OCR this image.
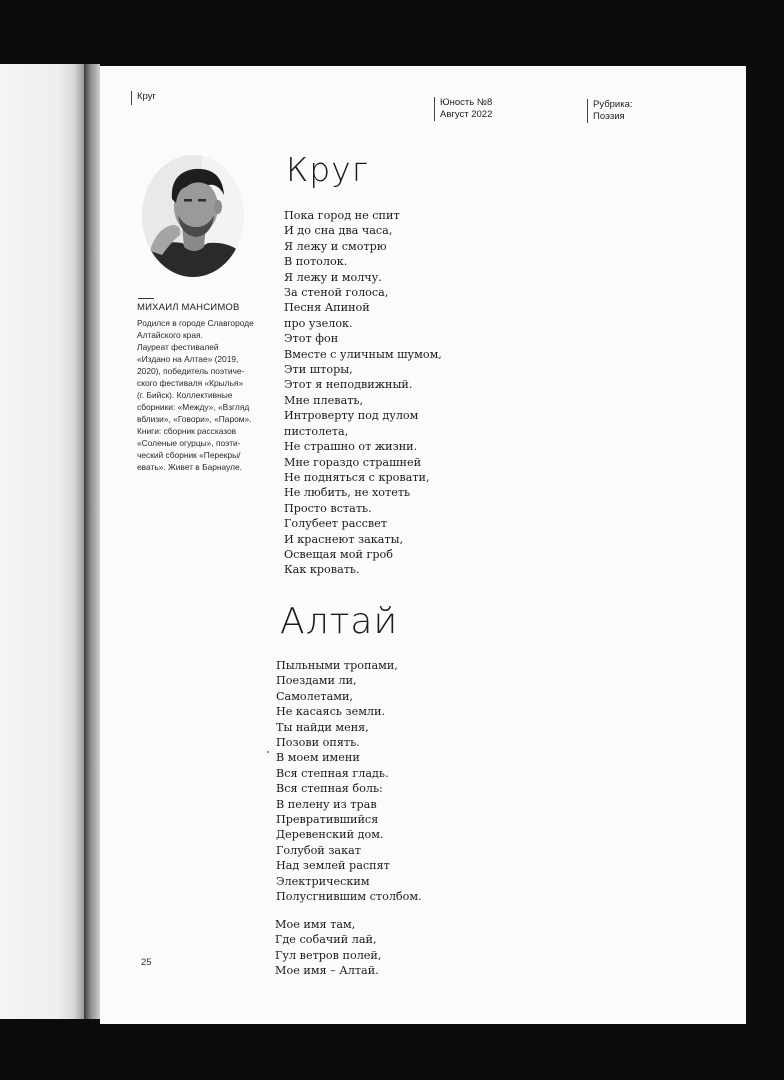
Круг
Юность №8
Август 2022
Рубрика:
Поэзия
МИХАИЛ МАНСИМОВ
Родился в городе Славгороде
Алтайского края.
Лауреат фестивалей
«Издано на Алтае» (2019,
2020), победитель поэтиче-
ского фестиваля «Крылья»
(г. Бийск). Коллективные
сборники: «Между», «Взгляд
вблизи», «Говори», «Паром».
Книги: сборник рассказов
«Соленые огурцы», поэти-
ческий сборник «Перекры/
евать». Живет в Барнауле.
Круг
Пока город не спит
И до сна два часа,
Я лежу и смотрю
В потолок.
Я лежу и молчу.
За стеной голоса,
Песня Апиной
про узелок.
Этот фон
Вместе с уличным шумом,
Эти шторы,
Этот я неподвижный.
Мне плевать,
Интроверту под дулом
пистолета,
Не страшно от жизни.
Мне гораздо страшней
Не подняться с кровати,
Не любить, не хотеть
Просто встать.
Голубеет рассвет
И краснеют закаты,
Освещая мой гроб
Как кровать.
Алтай
Пыльными тропами,
Поездами ли,
Самолетами,
Не касаясь земли.
Ты найди меня,
Позови опять.
В моем имени
Вся степная гладь.
Вся степная боль:
В пелену из трав
Превратившийся
Деревенский дом.
Голубой закат
Над землей распят
Электрическим
Полусгнившим столбом.
Мое имя там,
Где собачий лай,
Гул ветров полей,
Мое имя – Алтай.
25
